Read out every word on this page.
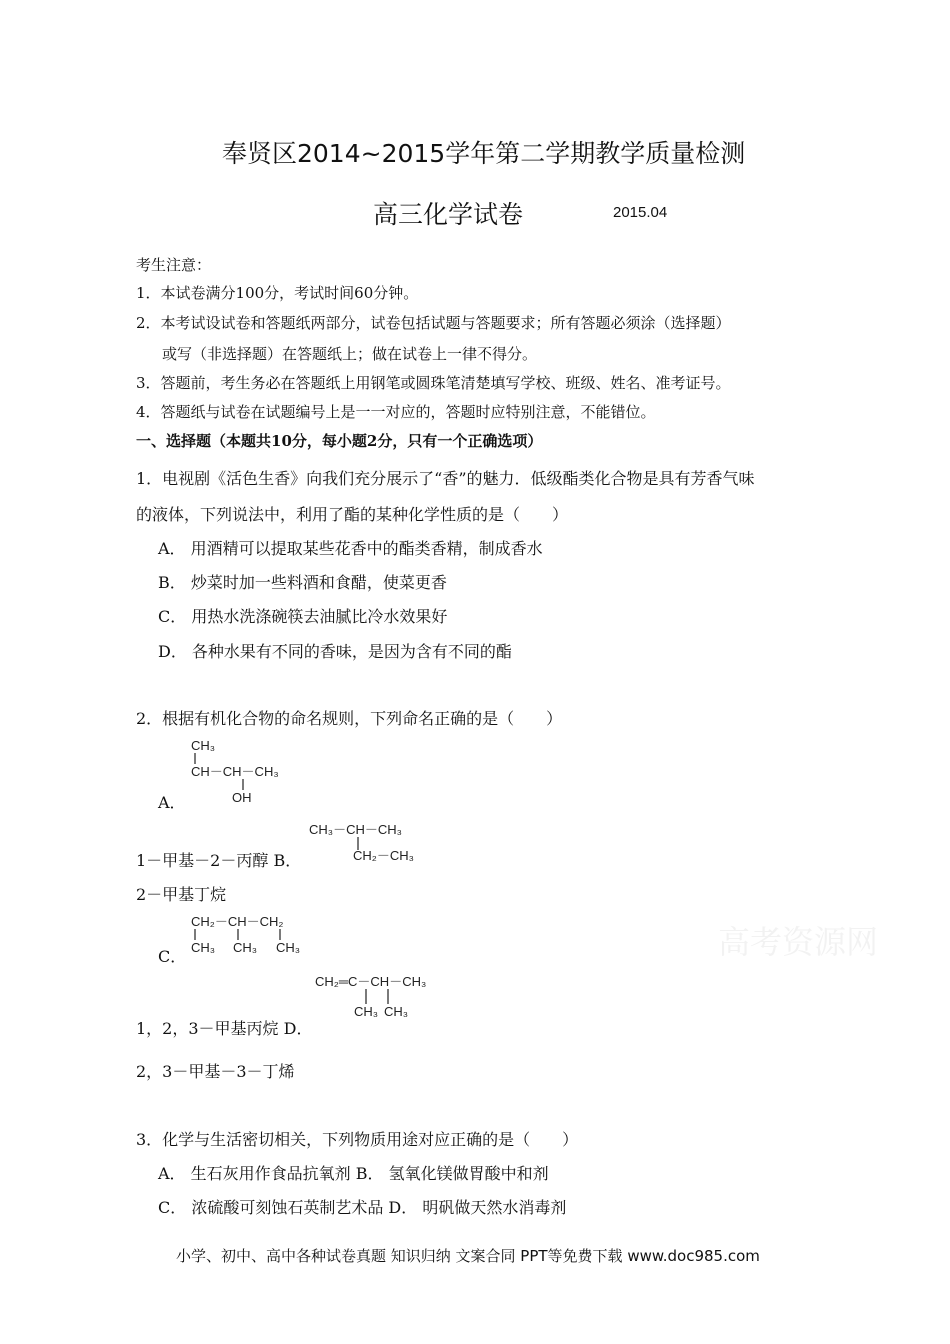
奉贤区2014~2015学年第二学期教学质量检测
高三化学试卷	2015.04
考生注意：
1．本试卷满分100分，考试时间60分钟。
2．本考试设试卷和答题纸两部分，试卷包括试题与答题要求；所有答题必须涂（选择题）
或写（非选择题）在答题纸上；做在试卷上一律不得分。
3．答题前，考生务必在答题纸上用钢笔或圆珠笔清楚填写学校、班级、姓名、准考证号。
4．答题纸与试卷在试题编号上是一一对应的，答题时应特别注意，不能错位。
一、选择题（本题共10分，每小题2分，只有一个正确选项）
1．电视剧《活色生香》向我们充分展示了“香”的魅力．低级酯类化合物是具有芳香气味
的液体，下列说法中，利用了酯的某种化学性质的是（　　）
A． 用酒精可以提取某些花香中的酯类香精，制成香水
B． 炒菜时加一些料酒和食醋，使菜更香
C． 用热水洗涤碗筷去油腻比冷水效果好
D． 各种水果有不同的香味，是因为含有不同的酯
2．根据有机化合物的命名规则，下列命名正确的是（　　）
CH₃
CH－CH－CH₃
OH
A．
CH₃－CH－CH₃
CH₂－CH₃
1－甲基－2－丙醇 B．
2－甲基丁烷
CH₂－CH－CH₂
CH₃ CH₃ CH₃
C．
CH₂═C－CH－CH₃
CH₃ CH₃
1，2，3－甲基丙烷 D．
2，3－甲基－3－丁烯
高考资源网
3．化学与生活密切相关，下列物质用途对应正确的是（　　）
A． 生石灰用作食品抗氧剂 B． 氢氧化镁做胃酸中和剂
C． 浓硫酸可刻蚀石英制艺术品 D． 明矾做天然水消毒剂
小学、初中、高中各种试卷真题 知识归纳 文案合同 PPT等免费下载 www.doc985.com
